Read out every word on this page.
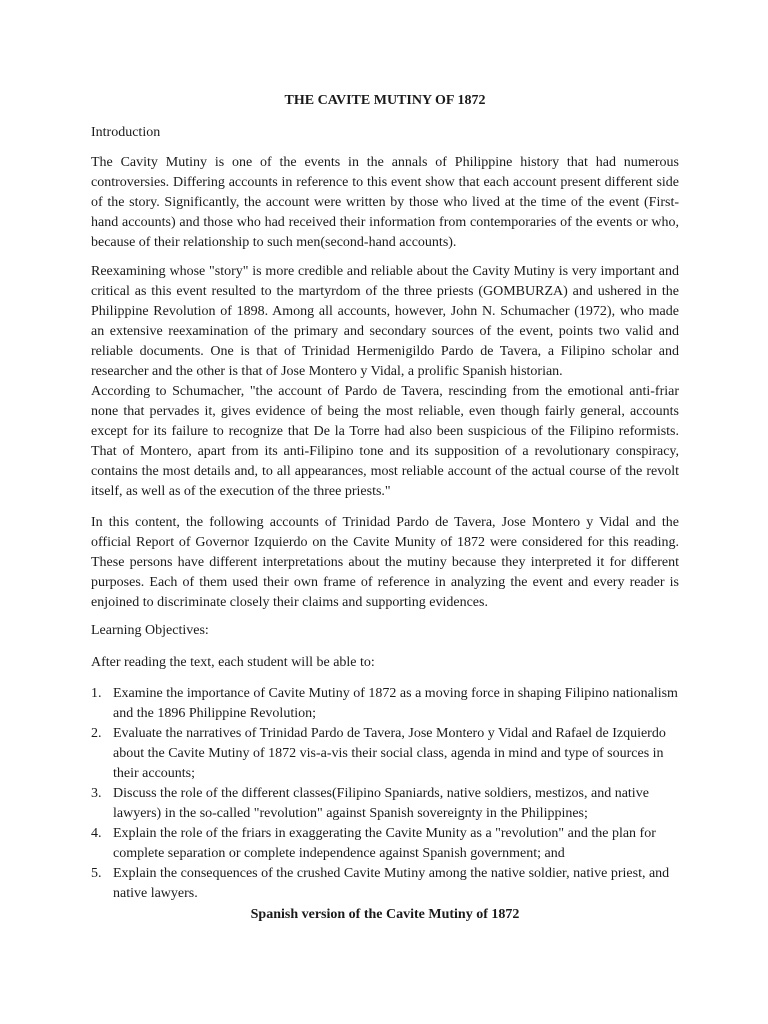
THE CAVITE MUTINY OF 1872

Introduction

The Cavity Mutiny is one of the events in the annals of Philippine history that had numerous controversies. Differing accounts in reference to this event show that each account present different side of the story. Significantly, the account were written by those who lived at the time of the event (First-hand accounts) and those who had received their information from contemporaries of the events or who, because of their relationship to such men(second-hand accounts).

Reexamining whose "story" is more credible and reliable about the Cavity Mutiny is very important and critical as this event resulted to the martyrdom of the three priests (GOMBURZA) and ushered in the Philippine Revolution of 1898. Among all accounts, however, John N. Schumacher (1972), who made an extensive reexamination of the primary and secondary sources of the event, points two valid and reliable documents. One is that of Trinidad Hermenigildo Pardo de Tavera, a Filipino scholar and researcher and the other is that of Jose Montero y Vidal, a prolific Spanish historian.

According to Schumacher, "the account of Pardo de Tavera, rescinding from the emotional anti-friar none that pervades it, gives evidence of being the most reliable, even though fairly general, accounts except for its failure to recognize that De la Torre had also been suspicious of the Filipino reformists. That of Montero, apart from its anti-Filipino tone and its supposition of a revolutionary conspiracy, contains the most details and, to all appearances, most reliable account of the actual course of the revolt itself, as well as of the execution of the three priests."

In this content, the following accounts of Trinidad Pardo de Tavera, Jose Montero y Vidal and the official Report of Governor Izquierdo on the Cavite Munity of 1872 were considered for this reading. These persons have different interpretations about the mutiny because they interpreted it for different purposes. Each of them used their own frame of reference in analyzing the event and every reader is enjoined to discriminate closely their claims and supporting evidences.

Learning Objectives:

After reading the text, each student will be able to:

1. Examine the importance of Cavite Mutiny of 1872 as a moving force in shaping Filipino nationalism and the 1896 Philippine Revolution;
2. Evaluate the narratives of Trinidad Pardo de Tavera, Jose Montero y Vidal and Rafael de Izquierdo about the Cavite Mutiny of 1872 vis-a-vis their social class, agenda in mind and type of sources in their accounts;
3. Discuss the role of the different classes(Filipino Spaniards, native soldiers, mestizos, and native lawyers) in the so-called "revolution" against Spanish sovereignty in the Philippines;
4. Explain the role of the friars in exaggerating the Cavite Munity as a "revolution" and the plan for complete separation or complete independence against Spanish government; and
5. Explain the consequences of the crushed Cavite Mutiny among the native soldier, native priest, and native lawyers.
Spanish version of the Cavite Mutiny of 1872
